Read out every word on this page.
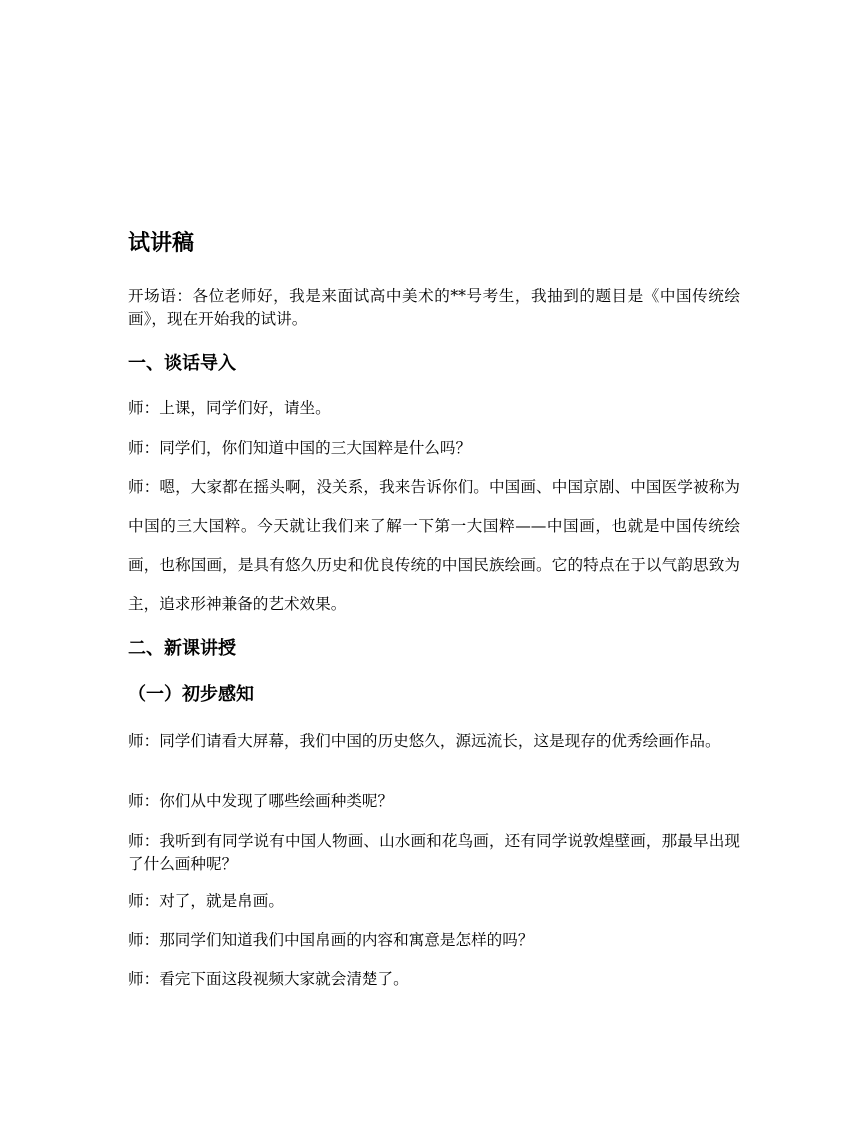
试讲稿

开场语：各位老师好，我是来面试高中美术的**号考生，我抽到的题目是《中国传统绘画》，现在开始我的试讲。

一、谈话导入

师：上课，同学们好，请坐。

师：同学们，你们知道中国的三大国粹是什么吗？

师：嗯，大家都在摇头啊，没关系，我来告诉你们。中国画、中国京剧、中国医学被称为中国的三大国粹。今天就让我们来了解一下第一大国粹——中国画，也就是中国传统绘画，也称国画，是具有悠久历史和优良传统的中国民族绘画。它的特点在于以气韵思致为主，追求形神兼备的艺术效果。

二、新课讲授
（一）初步感知

师：同学们请看大屏幕，我们中国的历史悠久，源远流长，这是现存的优秀绘画作品。

师：你们从中发现了哪些绘画种类呢？

师：我听到有同学说有中国人物画、山水画和花鸟画，还有同学说敦煌壁画，那最早出现了什么画种呢？

师：对了，就是帛画。

师：那同学们知道我们中国帛画的内容和寓意是怎样的吗？

师：看完下面这段视频大家就会清楚了。
